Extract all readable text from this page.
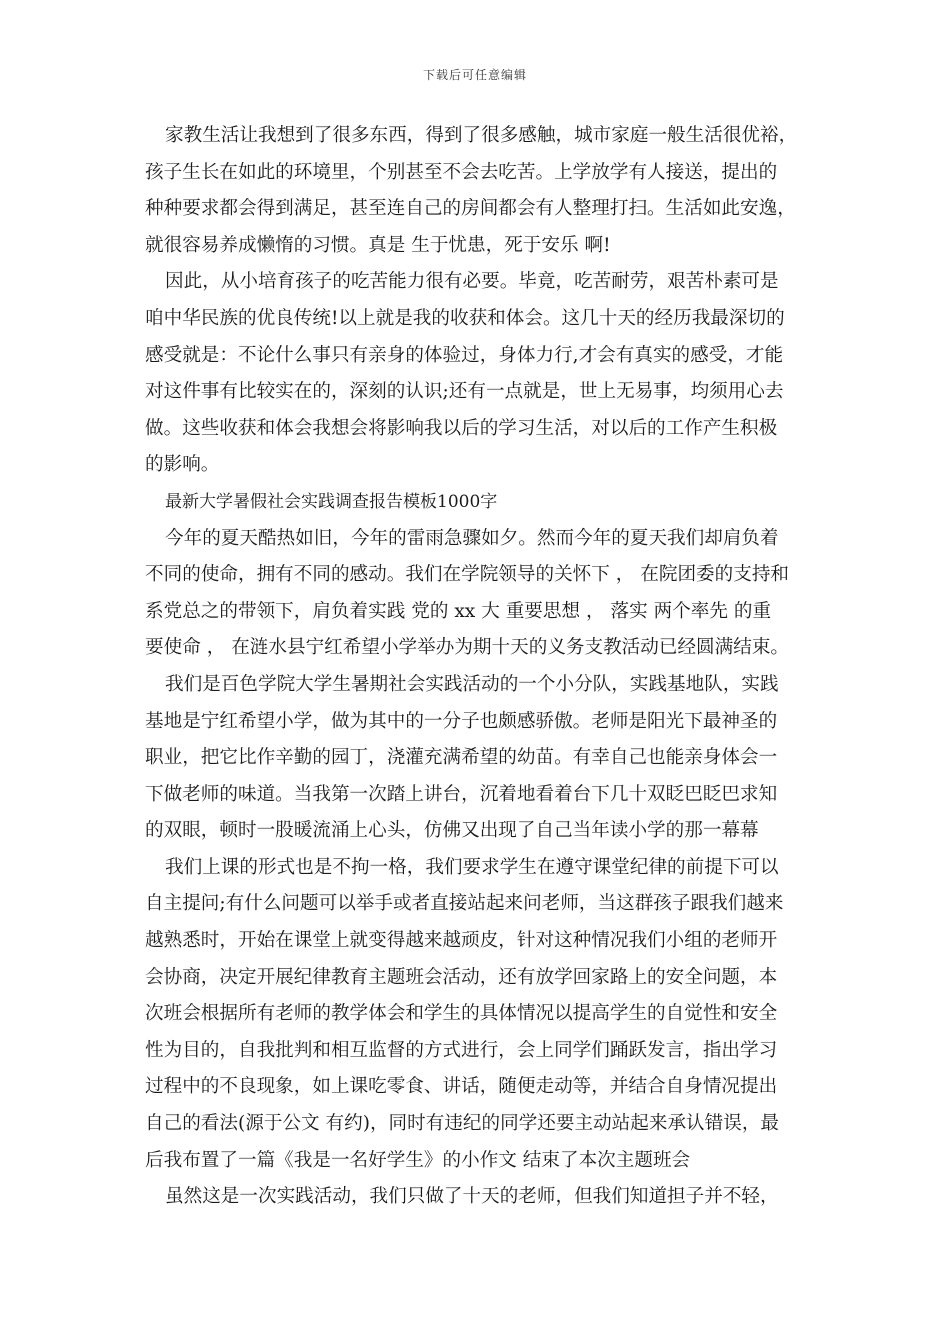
下载后可任意编辑
家教生活让我想到了很多东西，得到了很多感触，城市家庭一般生活很优裕，
孩子生长在如此的环境里，个别甚至不会去吃苦。上学放学有人接送，提出的
种种要求都会得到满足，甚至连自己的房间都会有人整理打扫。生活如此安逸，
就很容易养成懒惰的习惯。真是 生于忧患，死于安乐 啊!
因此，从小培育孩子的吃苦能力很有必要。毕竟，吃苦耐劳，艰苦朴素可是
咱中华民族的优良传统!以上就是我的收获和体会。这几十天的经历我最深切的
感受就是：不论什么事只有亲身的体验过，身体力行,才会有真实的感受，才能
对这件事有比较实在的，深刻的认识;还有一点就是，世上无易事，均须用心去
做。这些收获和体会我想会将影响我以后的学习生活，对以后的工作产生积极
的影响。
最新大学暑假社会实践调查报告模板1000字
今年的夏天酷热如旧，今年的雷雨急骤如夕。然而今年的夏天我们却肩负着
不同的使命，拥有不同的感动。我们在学院领导的关怀下 ， 在院团委的支持和
系党总之的带领下，肩负着实践 党的 xx 大 重要思想 ， 落实 两个率先 的重
要使命 ， 在涟水县宁红希望小学举办为期十天的义务支教活动已经圆满结束。
我们是百色学院大学生暑期社会实践活动的一个小分队，实践基地队，实践
基地是宁红希望小学，做为其中的一分子也颇感骄傲。老师是阳光下最神圣的
职业，把它比作辛勤的园丁，浇灌充满希望的幼苗。有幸自己也能亲身体会一
下做老师的味道。当我第一次踏上讲台，沉着地看着台下几十双眨巴眨巴求知
的双眼，顿时一股暖流涌上心头，仿佛又出现了自己当年读小学的那一幕幕
我们上课的形式也是不拘一格，我们要求学生在遵守课堂纪律的前提下可以
自主提问;有什么问题可以举手或者直接站起来问老师，当这群孩子跟我们越来
越熟悉时，开始在课堂上就变得越来越顽皮，针对这种情况我们小组的老师开
会协商，决定开展纪律教育主题班会活动，还有放学回家路上的安全问题，本
次班会根据所有老师的教学体会和学生的具体情况以提高学生的自觉性和安全
性为目的，自我批判和相互监督的方式进行，会上同学们踊跃发言，指出学习
过程中的不良现象，如上课吃零食、讲话，随便走动等，并结合自身情况提出
自己的看法(源于公文 有约)，同时有违纪的同学还要主动站起来承认错误，最
后我布置了一篇《我是一名好学生》的小作文 结束了本次主题班会
虽然这是一次实践活动，我们只做了十天的老师，但我们知道担子并不轻，
